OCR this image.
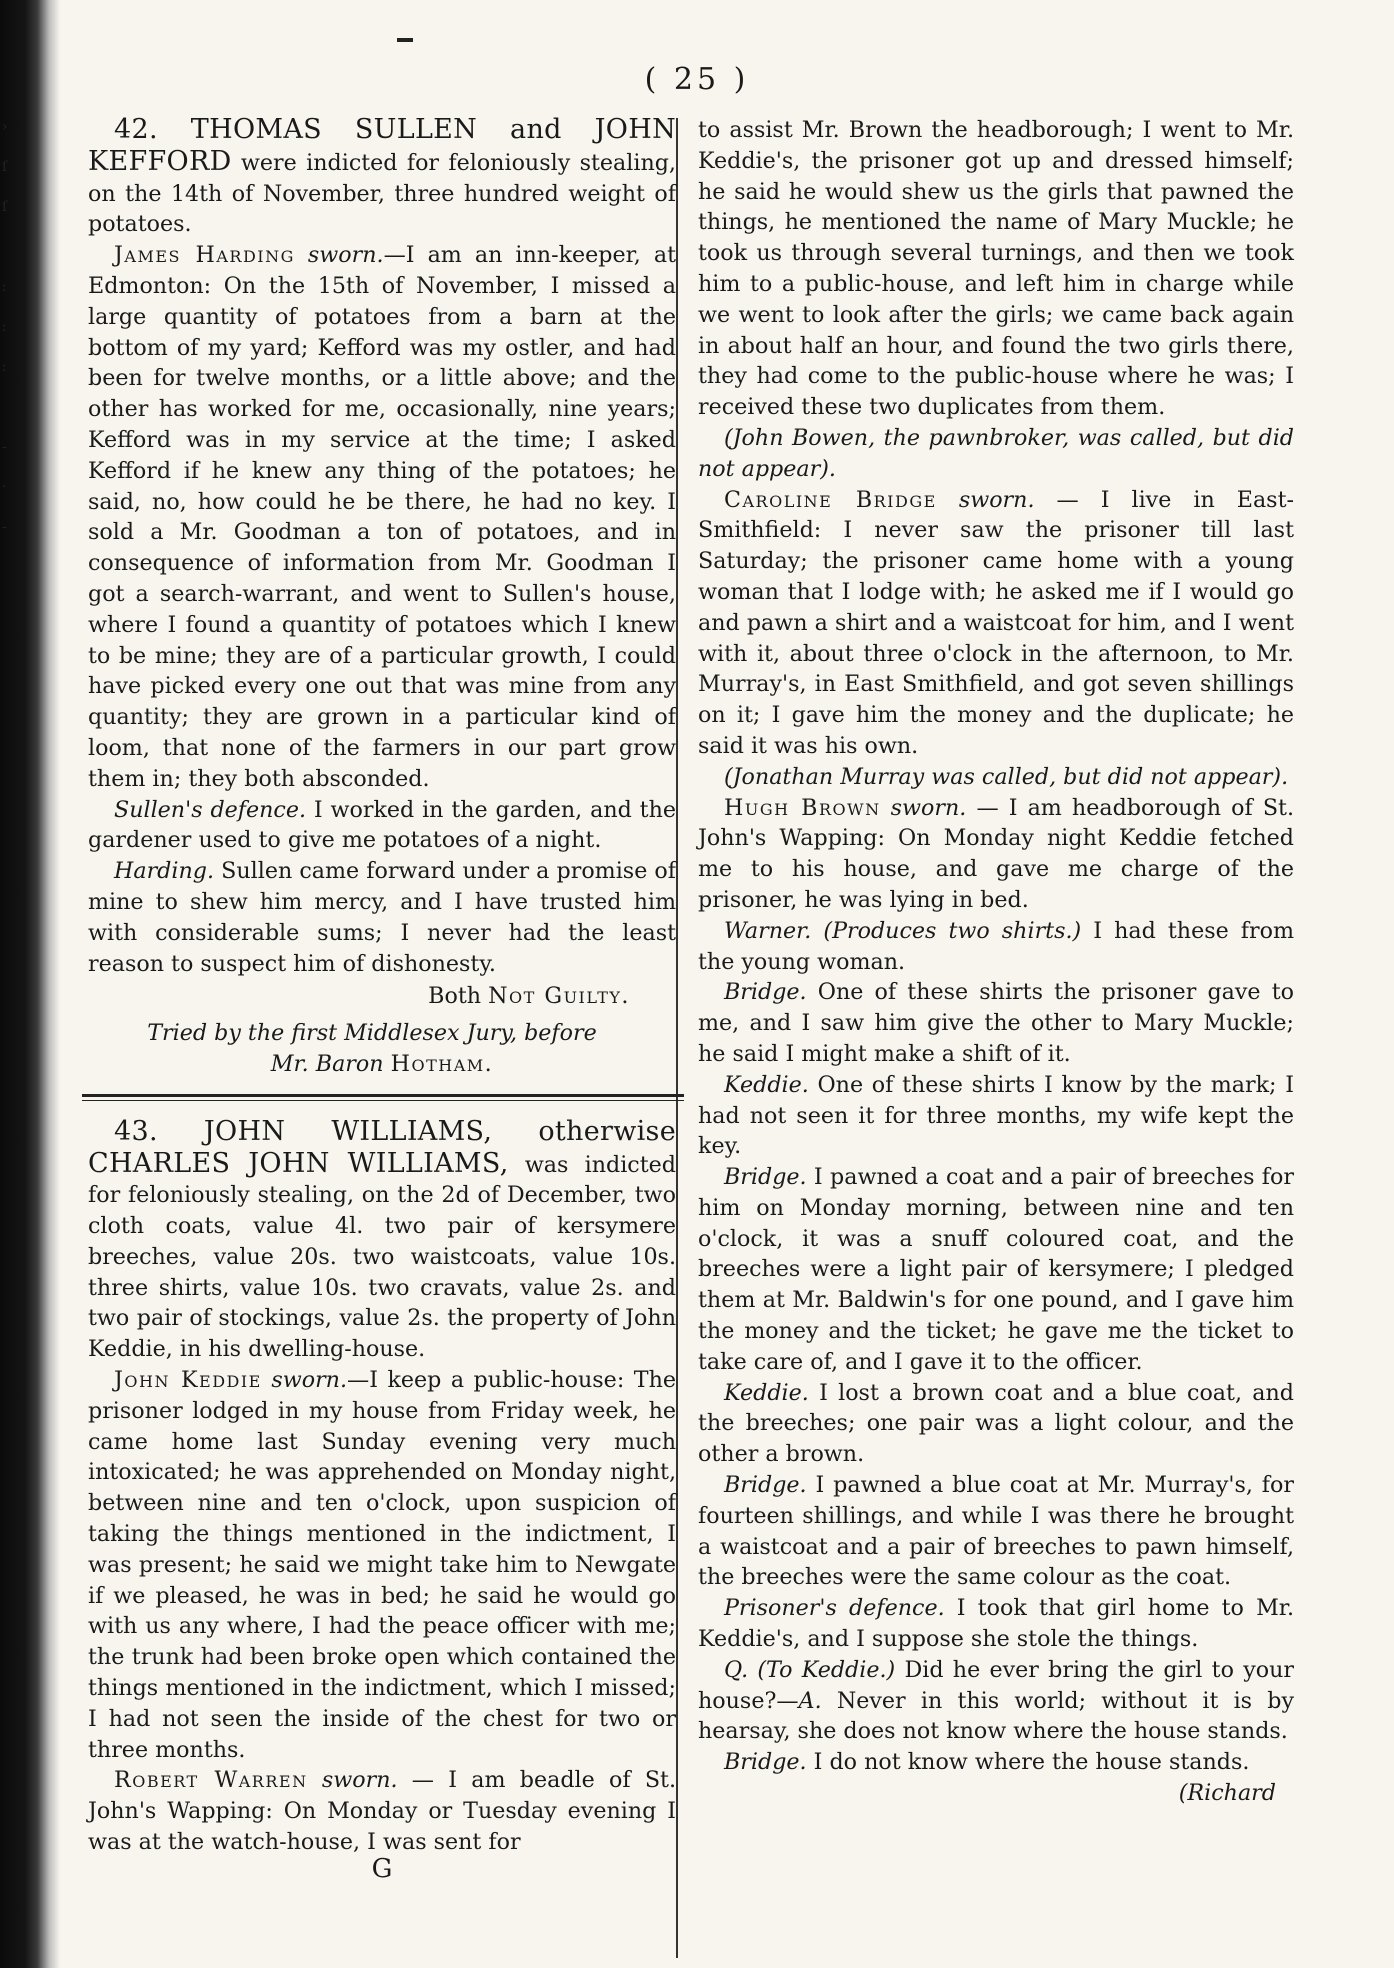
›
ſ
ſ
:
:
:
-
·
-
( 25 )

42. THOMAS SULLEN and JOHN KEFFORD were indicted for feloniously stealing, on the 14th of November, three hundred weight of potatoes.

James Harding sworn.—I am an inn-keeper, at Edmonton: On the 15th of November, I missed a large quantity of potatoes from a barn at the bottom of my yard; Kefford was my ostler, and had been for twelve months, or a little above; and the other has worked for me, occasionally, nine years; Kefford was in my service at the time; I asked Kefford if he knew any thing of the potatoes; he said, no, how could he be there, he had no key. I sold a Mr. Goodman a ton of potatoes, and in consequence of information from Mr. Goodman I got a search-warrant, and went to Sullen's house, where I found a quantity of potatoes which I knew to be mine; they are of a particular growth, I could have picked every one out that was mine from any quantity; they are grown in a particular kind of loom, that none of the farmers in our part grow them in; they both absconded.

Sullen's defence. I worked in the garden, and the gardener used to give me potatoes of a night.

Harding. Sullen came forward under a promise of mine to shew him mercy, and I have trusted him with considerable sums; I never had the least reason to suspect him of dishonesty.

Both Not Guilty.
Tried by the first Middlesex Jury, before
Mr. Baron Hotham.

43. JOHN WILLIAMS, otherwise CHARLES JOHN WILLIAMS, was indicted for feloniously stealing, on the 2d of December, two cloth coats, value 4l. two pair of kersymere breeches, value 20s. two waistcoats, value 10s. three shirts, value 10s. two cravats, value 2s. and two pair of stockings, value 2s. the property of John Keddie, in his dwelling-house.

John Keddie sworn.—I keep a public-house: The prisoner lodged in my house from Friday week, he came home last Sunday evening very much intoxicated; he was apprehended on Monday night, between nine and ten o'clock, upon suspicion of taking the things mentioned in the indictment, I was present; he said we might take him to Newgate if we pleased, he was in bed; he said he would go with us any where, I had the peace officer with me; the trunk had been broke open which contained the things mentioned in the indictment, which I missed; I had not seen the inside of the chest for two or three months.

Robert Warren sworn. — I am beadle of St. John's Wapping: On Monday or Tuesday evening I was at the watch-house, I was sent for

G

to assist Mr. Brown the headborough; I went to Mr. Keddie's, the prisoner got up and dressed himself; he said he would shew us the girls that pawned the things, he mentioned the name of Mary Muckle; he took us through several turnings, and then we took him to a public-house, and left him in charge while we went to look after the girls; we came back again in about half an hour, and found the two girls there, they had come to the public-house where he was; I received these two duplicates from them.

(John Bowen, the pawnbroker, was called, but did not appear).

Caroline Bridge sworn. — I live in East-Smithfield: I never saw the prisoner till last Saturday; the prisoner came home with a young woman that I lodge with; he asked me if I would go and pawn a shirt and a waistcoat for him, and I went with it, about three o'clock in the afternoon, to Mr. Murray's, in East Smithfield, and got seven shillings on it; I gave him the money and the duplicate; he said it was his own.

(Jonathan Murray was called, but did not appear).

Hugh Brown sworn. — I am headborough of St. John's Wapping: On Monday night Keddie fetched me to his house, and gave me charge of the prisoner, he was lying in bed.

Warner. (Produces two shirts.) I had these from the young woman.

Bridge. One of these shirts the prisoner gave to me, and I saw him give the other to Mary Muckle; he said I might make a shift of it.

Keddie. One of these shirts I know by the mark; I had not seen it for three months, my wife kept the key.

Bridge. I pawned a coat and a pair of breeches for him on Monday morning, between nine and ten o'clock, it was a snuff coloured coat, and the breeches were a light pair of kersymere; I pledged them at Mr. Baldwin's for one pound, and I gave him the money and the ticket; he gave me the ticket to take care of, and I gave it to the officer.

Keddie. I lost a brown coat and a blue coat, and the breeches; one pair was a light colour, and the other a brown.

Bridge. I pawned a blue coat at Mr. Murray's, for fourteen shillings, and while I was there he brought a waistcoat and a pair of breeches to pawn himself, the breeches were the same colour as the coat.

Prisoner's defence. I took that girl home to Mr. Keddie's, and I suppose she stole the things.

Q. (To Keddie.) Did he ever bring the girl to your house?—A. Never in this world; without it is by hearsay, she does not know where the house stands.

Bridge. I do not know where the house stands.

(Richard
